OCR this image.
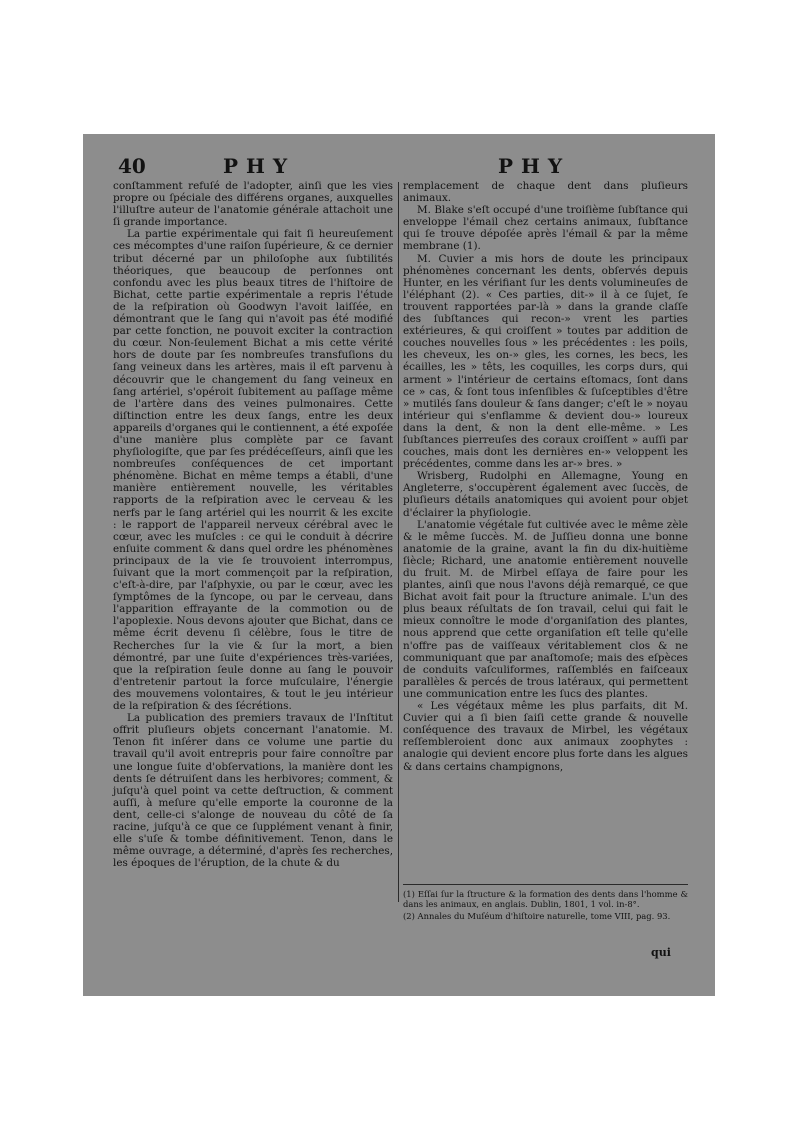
40	PHY	PHY

conſtamment refuſé de l'adopter, ainſi que les vies propre ou ſpéciale des différens organes, auxquelles l'illuſtre auteur de l'anatomie générale attachoit une ſi grande importance.

La partie expérimentale qui fait ſi heureuſement ces mécomptes d'une raiſon ſupérieure, & ce dernier tribut décerné par un philoſophe aux ſubtilités théoriques, que beaucoup de perſonnes ont confondu avec les plus beaux titres de l'hiſtoire de Bichat, cette partie expérimentale a repris l'étude de la reſpiration où Goodwyn l'avoit laiſſée, en démontrant que le ſang qui n'avoit pas été modifié par cette fonction, ne pouvoit exciter la contraction du cœur. Non-ſeulement Bichat a mis cette vérité hors de doute par ſes nombreuſes transfuſions du ſang veineux dans les artères, mais il eſt parvenu à découvrir que le changement du ſang veineux en ſang artériel, s'opéroit ſubitement au paſſage même de l'artère dans des veines pulmonaires. Cette diſtinction entre les deux ſangs, entre les deux appareils d'organes qui le contiennent, a été expoſée d'une manière plus complète par ce ſavant phyſiologiſte, que par ſes prédéceſſeurs, ainſi que les nombreuſes conſéquences de cet important phénomène. Bichat en même temps a établi, d'une manière entièrement nouvelle, les véritables rapports de la reſpiration avec le cerveau & les nerfs par le ſang artériel qui les nourrit & les excite : le rapport de l'appareil nerveux cérébral avec le cœur, avec les muſcles : ce qui le conduit à décrire enſuite comment & dans quel ordre les phénomènes principaux de la vie ſe trouvoient interrompus, ſuivant que la mort commençoit par la reſpiration, c'eſt-à-dire, par l'aſphyxie, ou par le cœur, avec les ſymptômes de la ſyncope, ou par le cerveau, dans l'apparition effrayante de la commotion ou de l'apoplexie. Nous devons ajouter que Bichat, dans ce même écrit devenu ſi célèbre, ſous le titre de Recherches ſur la vie & ſur la mort, a bien démontré, par une ſuite d'expériences très-variées, que la reſpiration ſeule donne au ſang le pouvoir d'entretenir partout la force muſculaire, l'énergie des mouvemens volontaires, & tout le jeu intérieur de la reſpiration & des ſécrétions.

La publication des premiers travaux de l'Inſtitut offrit pluſieurs objets concernant l'anatomie. M. Tenon fit inſérer dans ce volume une partie du travail qu'il avoit entrepris pour faire connoître par une longue ſuite d'obſervations, la manière dont les dents ſe détruiſent dans les herbivores; comment, & juſqu'à quel point va cette deſtruction, & comment auſſi, à meſure qu'elle emporte la couronne de la dent, celle-ci s'alonge de nouveau du côté de ſa racine, juſqu'à ce que ce ſupplément venant à finir, elle s'uſe & tombe définitivement. Tenon, dans le même ouvrage, a déterminé, d'après ſes recherches, les époques de l'éruption, de la chute & du

remplacement de chaque dent dans pluſieurs animaux.

M. Blake s'eſt occupé d'une troiſième ſubſtance qui enveloppe l'émail chez certains animaux, ſubſtance qui ſe trouve dépoſée après l'émail & par la même membrane (1).

M. Cuvier a mis hors de doute les principaux phénomènes concernant les dents, obſervés depuis Hunter, en les vérifiant ſur les dents volumineuſes de l'éléphant (2). « Ces parties, dit-» il à ce ſujet, ſe trouvent rapportées par-là » dans la grande claſſe des ſubſtances qui recon-» vrent les parties extérieures, & qui croiſſent » toutes par addition de couches nouvelles ſous » les précédentes : les poils, les cheveux, les on-» gles, les cornes, les becs, les écailles, les » têts, les coquilles, les corps durs, qui arment » l'intérieur de certains eſtomacs, ſont dans ce » cas, & ſont tous inſenſibles & ſuſceptibles d'être » mutilés ſans douleur & ſans danger; c'eſt le » noyau intérieur qui s'enflamme & devient dou-» loureux dans la dent, & non la dent elle-même. » Les ſubſtances pierreuſes des coraux croiſſent » auſſi par couches, mais dont les dernières en-» veloppent les précédentes, comme dans les ar-» bres. »

Wrisberg, Rudolphi en Allemagne, Young en Angleterre, s'occupèrent également avec ſuccès, de pluſieurs détails anatomiques qui avoient pour objet d'éclairer la phyſiologie.

L'anatomie végétale fut cultivée avec le même zèle & le même ſuccès. M. de Juſſieu donna une bonne anatomie de la graine, avant la fin du dix-huitième ſiècle; Richard, une anatomie entièrement nouvelle du fruit. M. de Mirbel eſſaya de faire pour les plantes, ainſi que nous l'avons déjà remarqué, ce que Bichat avoit fait pour la ſtructure animale. L'un des plus beaux réſultats de ſon travail, celui qui fait le mieux connoître le mode d'organiſation des plantes, nous apprend que cette organiſation eſt telle qu'elle n'offre pas de vaiſſeaux véritablement clos & ne communiquant que par anaſtomoſe; mais des eſpèces de conduits vaſculiformes, raſſemblés en faiſceaux parallèles & percés de trous latéraux, qui permettent une communication entre les ſucs des plantes.

« Les végétaux même les plus parfaits, dit M. Cuvier qui a ſi bien ſaiſi cette grande & nouvelle conſéquence des travaux de Mirbel, les végétaux reſſembleroient donc aux animaux zoophytes : analogie qui devient encore plus forte dans les algues & dans certains champignons,

(1) Eſſai ſur la ſtructure & la formation des dents dans l'homme & dans les animaux, en anglais. Dublin, 1801, 1 vol. in-8°.

(2) Annales du Muſéum d'hiſtoire naturelle, tome VIII, pag. 93.

qui
